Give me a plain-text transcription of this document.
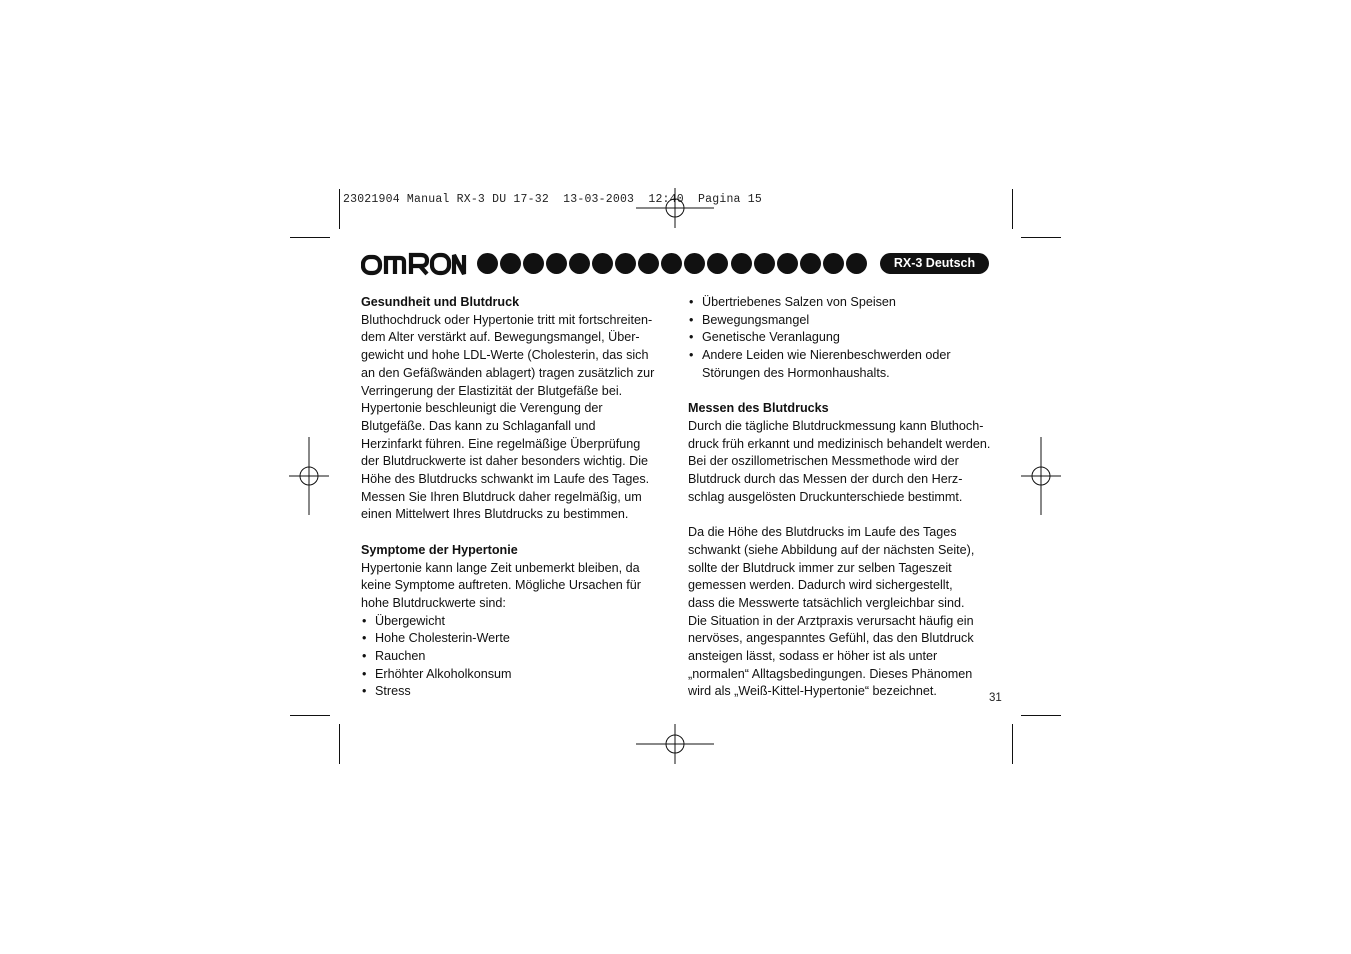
23021904 Manual RX-3 DU 17-32  13-03-2003  12:40  Pagina 15
RX-3 Deutsch
Gesundheit und Blutdruck

Bluthochdruck oder Hypertonie tritt mit fortschreiten-

dem Alter verstärkt auf. Bewegungsmangel, Über-

gewicht und hohe LDL-Werte (Cholesterin, das sich

an den Gefäßwänden ablagert) tragen zusätzlich zur

Verringerung der Elastizität der Blutgefäße bei.

Hypertonie beschleunigt die Verengung der

Blutgefäße. Das kann zu Schlaganfall und

Herzinfarkt führen. Eine regelmäßige Überprüfung

der Blutdruckwerte ist daher besonders wichtig. Die

Höhe des Blutdrucks schwankt im Laufe des Tages.

Messen Sie Ihren Blutdruck daher regelmäßig, um

einen Mittelwert Ihres Blutdrucks zu bestimmen.

Symptome der Hypertonie

Hypertonie kann lange Zeit unbemerkt bleiben, da

keine Symptome auftreten. Mögliche Ursachen für

hohe Blutdruckwerte sind:

• Übergewicht
• Hohe Cholesterin-Werte
• Rauchen
• Erhöhter Alkoholkonsum
• Stress
• Übertriebenes Salzen von Speisen
• Bewegungsmangel
• Genetische Veranlagung
• Andere Leiden wie Nierenbeschwerden oder
Störungen des Hormonhaushalts.
Messen des Blutdrucks

Durch die tägliche Blutdruckmessung kann Bluthoch-

druck früh erkannt und medizinisch behandelt werden.

Bei der oszillometrischen Messmethode wird der

Blutdruck durch das Messen der durch den Herz-

schlag ausgelösten Druckunterschiede bestimmt.

Da die Höhe des Blutdrucks im Laufe des Tages

schwankt (siehe Abbildung auf der nächsten Seite),

sollte der Blutdruck immer zur selben Tageszeit

gemessen werden. Dadurch wird sichergestellt,

dass die Messwerte tatsächlich vergleichbar sind.

Die Situation in der Arztpraxis verursacht häufig ein

nervöses, angespanntes Gefühl, das den Blutdruck

ansteigen lässt, sodass er höher ist als unter

„normalen“ Alltagsbedingungen. Dieses Phänomen

wird als „Weiß-Kittel-Hypertonie“ bezeichnet.	31
